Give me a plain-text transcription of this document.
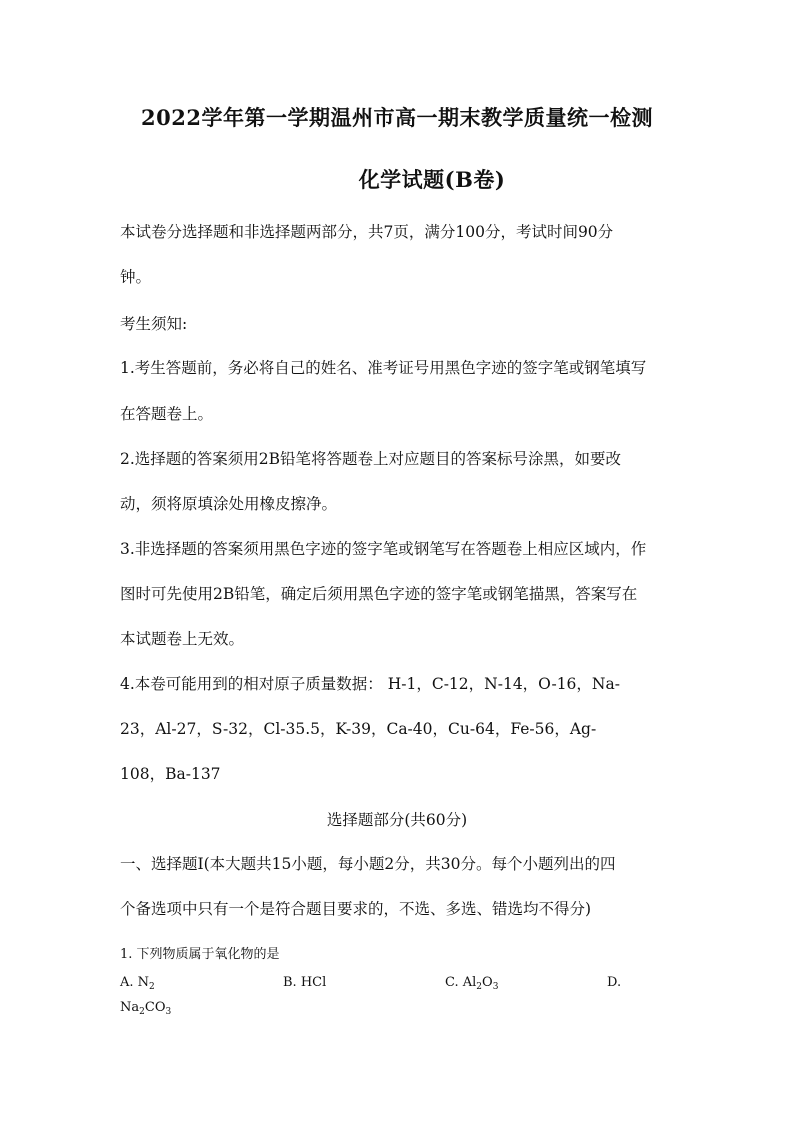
2022学年第一学期温州市高一期末教学质量统一检测
化学试题(B卷)
本试卷分选择题和非选择题两部分，共7页，满分100分，考试时间90分
钟。
考生须知:
1.考生答题前，务必将自己的姓名、准考证号用黑色字迹的签字笔或钢笔填写
在答题卷上。
2.选择题的答案须用2B铅笔将答题卷上对应题目的答案标号涂黑，如要改
动，须将原填涂处用橡皮擦净。
3.非选择题的答案须用黑色字迹的签字笔或钢笔写在答题卷上相应区域内，作
图时可先使用2B铅笔，确定后须用黑色字迹的签字笔或钢笔描黑，答案写在
本试题卷上无效。
4.本卷可能用到的相对原子质量数据： H-1，C-12，N-14，O-16，Na-
23，Al-27，S-32，Cl-35.5，K-39，Ca-40，Cu-64，Fe-56，Ag-
108，Ba-137
选择题部分(共60分)
一、选择题I(本大题共15小题，每小题2分，共30分。每个小题列出的四
个备选项中只有一个是符合题目要求的，不选、多选、错选均不得分)
1. 下列物质属于氧化物的是
A. $N_2$	B. HCl	C. $Al_2O_3$	D.
$Na_2CO_3$
